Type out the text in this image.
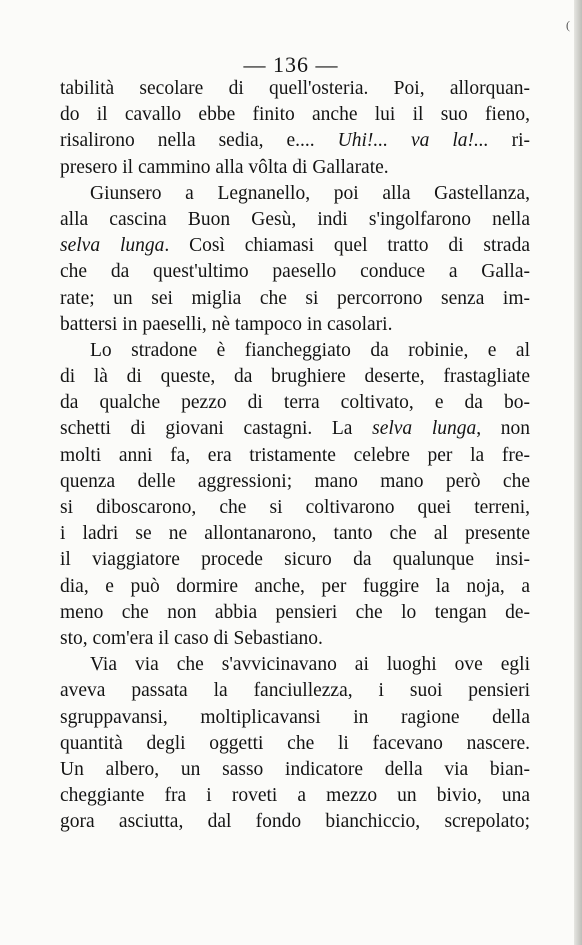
(
— 136 —
tabilità secolare di quell'osteria. Poi, allorquan-
do il cavallo ebbe finito anche lui il suo fieno,
risalirono nella sedia, e.... Uhi!... va la!... ri-
presero il cammino alla vôlta di Gallarate.
Giunsero a Legnanello, poi alla Gastellanza,
alla cascina Buon Gesù, indi s'ingolfarono nella
selva lunga. Così chiamasi quel tratto di strada
che da quest'ultimo paesello conduce a Galla-
rate; un sei miglia che si percorrono senza im-
battersi in paeselli, nè tampoco in casolari.
Lo stradone è fiancheggiato da robinie, e al
di là di queste, da brughiere deserte, frastagliate
da qualche pezzo di terra coltivato, e da bo-
schetti di giovani castagni. La selva lunga, non
molti anni fa, era tristamente celebre per la fre-
quenza delle aggressioni; mano mano però che
si diboscarono, che si coltivarono quei terreni,
i ladri se ne allontanarono, tanto che al presente
il viaggiatore procede sicuro da qualunque insi-
dia, e può dormire anche, per fuggire la noja, a
meno che non abbia pensieri che lo tengan de-
sto, com'era il caso di Sebastiano.
Via via che s'avvicinavano ai luoghi ove egli
aveva passata la fanciullezza, i suoi pensieri
sgruppavansi, moltiplicavansi in ragione della
quantità degli oggetti che li facevano nascere.
Un albero, un sasso indicatore della via bian-
cheggiante fra i roveti a mezzo un bivio, una
gora asciutta, dal fondo bianchiccio, screpolato;
